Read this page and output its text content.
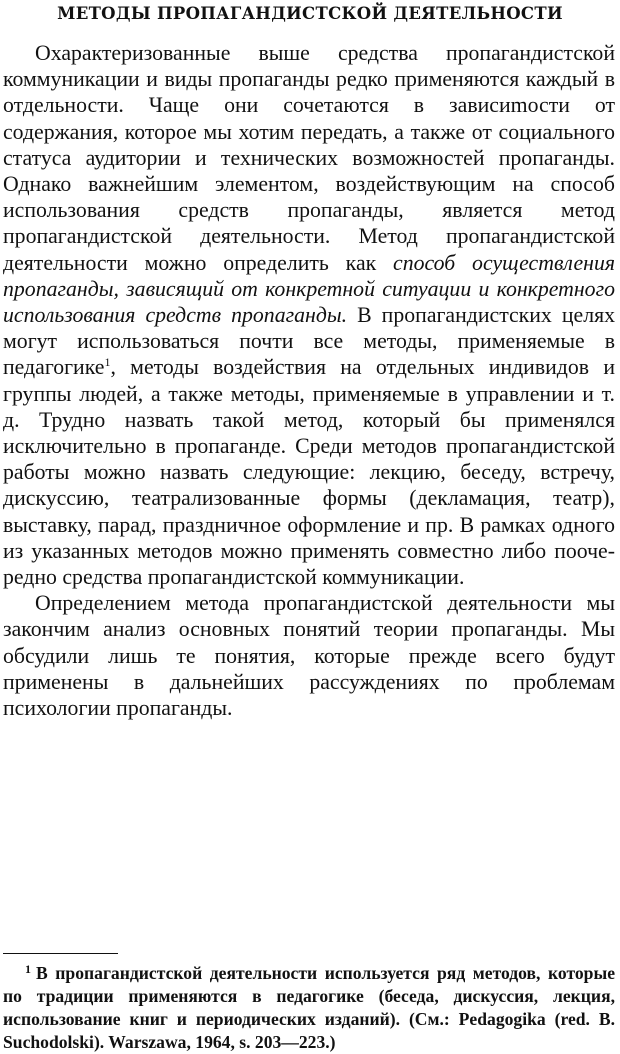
МЕТОДЫ ПРОПАГАНДИСТСКОЙ ДЕЯТЕЛЬНОСТИ

Охарактеризованные выше средства пропагандистской коммуникации и виды пропаганды редко применяются каждый в отдельности. Чаще они сочетаются в зависиmости от содержания, которое мы хотим передать, а также от социального статуса аудитории и технических возможностей пропаганды. Однако важнейшим элементом, воздействующим на способ использования средств пропаганды, является метод пропагандистской деятельности. Метод пропагандистской деятельности можно определить как способ осуществления пропаганды, зависящий от конкретной ситуации и конкретного использования средств пропаганды. В пропагандистских целях могут использоваться почти все методы, применяемые в педагогике$^1$, методы воздействия на отдельных индивидов и группы людей, а также методы, применяемые в управлении и т. д. Трудно назвать такой метод, который бы применялся исключительно в пропаганде. Среди методов пропагандистской работы можно назвать следующие: лекцию, беседу, встречу, дискуссию, театрализованные формы (декламация, театр), выставку, парад, праздничное оформление и пр. В рамках одного из указанных методов можно применять совместно либо поочередно средства пропагандистской коммуникации.

Определением метода пропагандистской деятельности мы закончим анализ основных понятий теории пропаганды. Мы обсудили лишь те понятия, которые прежде всего будут применены в дальнейших рассуждениях по проблемам психологии пропаганды.

1 В пропагандистской деятельности используется ряд методов, которые по традиции применяются в педагогике (беседа, дискуссия, лекция, использование книг и периодических изданий). (См.: Pedagogika (red. B. Suchodolski). Warszawa, 1964, s. 203—223.)
